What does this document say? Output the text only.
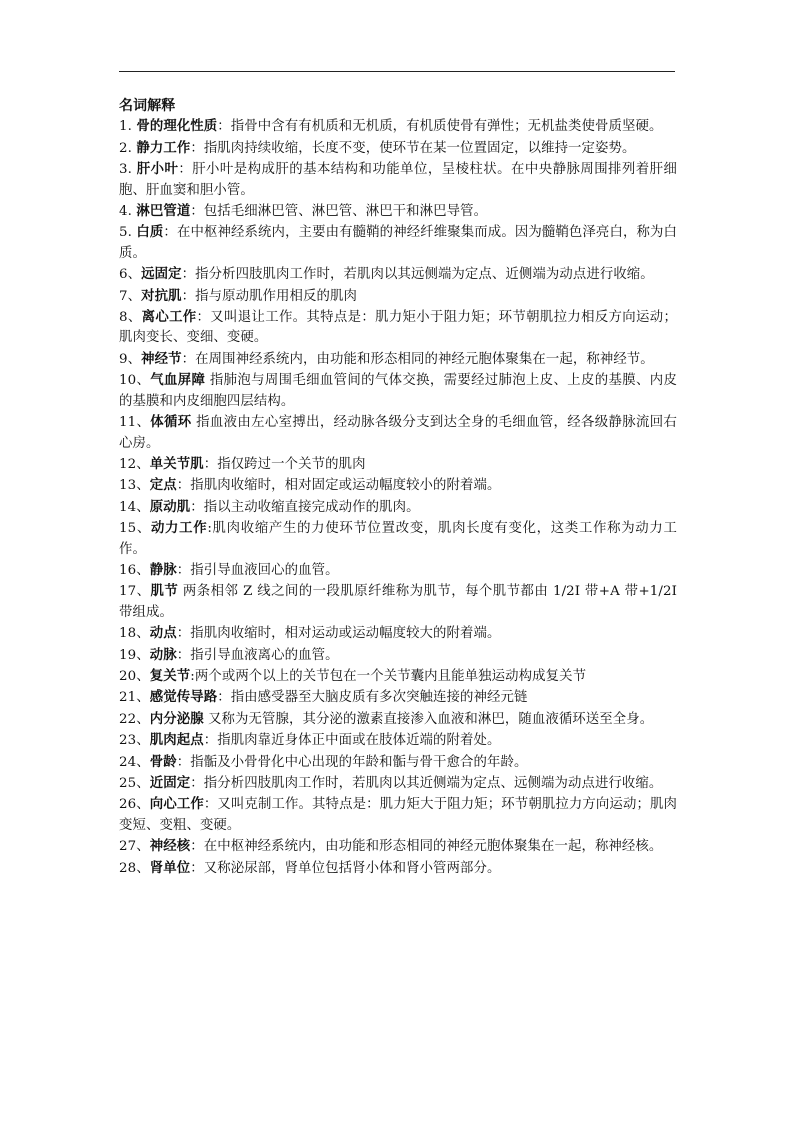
名词解释

1. 骨的理化性质：指骨中含有有机质和无机质，有机质使骨有弹性；无机盐类使骨质坚硬。

2. 静力工作：指肌肉持续收缩，长度不变，使环节在某一位置固定，以维持一定姿势。

3. 肝小叶：肝小叶是构成肝的基本结构和功能单位，呈棱柱状。在中央静脉周围排列着肝细胞、肝血窦和胆小管。

4. 淋巴管道：包括毛细淋巴管、淋巴管、淋巴干和淋巴导管。

5. 白质：在中枢神经系统内，主要由有髓鞘的神经纤维聚集而成。因为髓鞘色泽亮白，称为白质。

6、远固定：指分析四肢肌肉工作时，若肌肉以其远侧端为定点、近侧端为动点进行收缩。

7、对抗肌：指与原动肌作用相反的肌肉

8、离心工作：又叫退让工作。其特点是：肌力矩小于阻力矩；环节朝肌拉力相反方向运动；肌肉变长、变细、变硬。

9、神经节：在周围神经系统内，由功能和形态相同的神经元胞体聚集在一起，称神经节。

10、气血屏障 指肺泡与周围毛细血管间的气体交换，需要经过肺泡上皮、上皮的基膜、内皮的基膜和内皮细胞四层结构。

11、体循环 指血液由左心室搏出，经动脉各级分支到达全身的毛细血管，经各级静脉流回右心房。

12、单关节肌：指仅跨过一个关节的肌肉

13、定点：指肌肉收缩时，相对固定或运动幅度较小的附着端。

14、原动肌：指以主动收缩直接完成动作的肌肉。

15、动力工作:肌肉收缩产生的力使环节位置改变，肌肉长度有变化，这类工作称为动力工作。

16、静脉：指引导血液回心的血管。

17、肌节 两条相邻 Z 线之间的一段肌原纤维称为肌节，每个肌节都由 1/2I 带+A 带+1/2I 带组成。

18、动点：指肌肉收缩时，相对运动或运动幅度较大的附着端。

19、动脉：指引导血液离心的血管。

20、复关节:两个或两个以上的关节包在一个关节囊内且能单独运动构成复关节

21、感觉传导路：指由感受器至大脑皮质有多次突触连接的神经元链

22、内分泌腺 又称为无管腺，其分泌的激素直接渗入血液和淋巴，随血液循环送至全身。

23、肌肉起点：指肌肉靠近身体正中面或在肢体近端的附着处。

24、骨龄：指骺及小骨骨化中心出现的年龄和骺与骨干愈合的年龄。

25、近固定：指分析四肢肌肉工作时，若肌肉以其近侧端为定点、远侧端为动点进行收缩。

26、向心工作：又叫克制工作。其特点是：肌力矩大于阻力矩；环节朝肌拉力方向运动；肌肉变短、变粗、变硬。

27、神经核：在中枢神经系统内，由功能和形态相同的神经元胞体聚集在一起，称神经核。

28、肾单位：又称泌尿部，肾单位包括肾小体和肾小管两部分。
